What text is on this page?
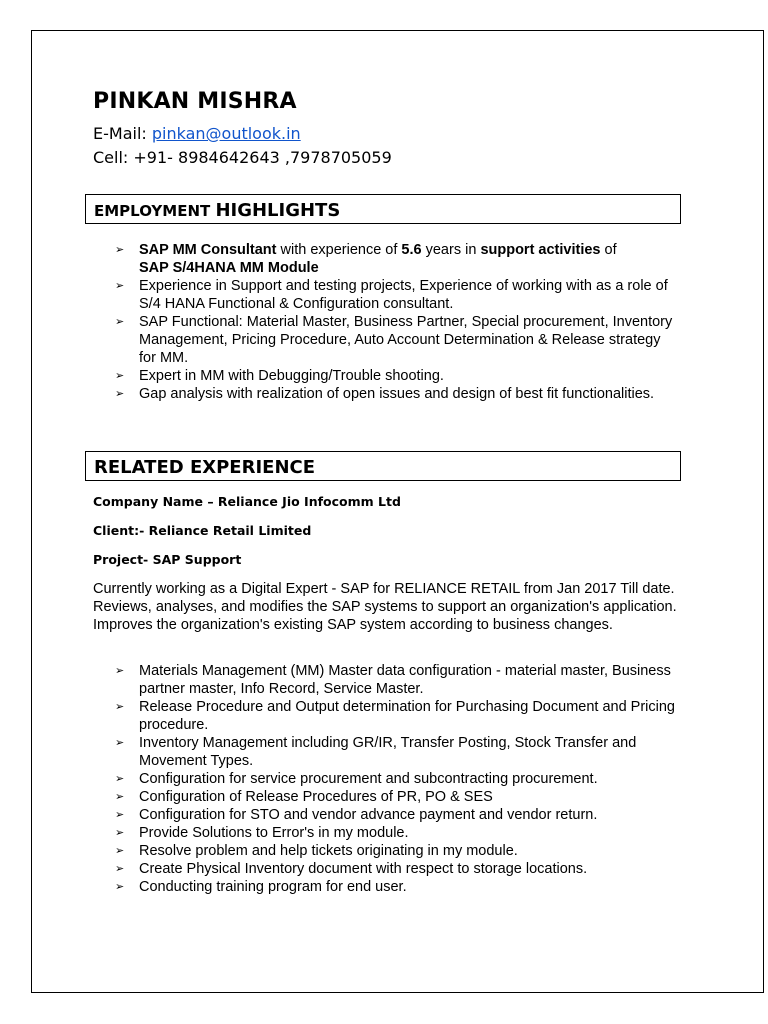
PINKAN MISHRA
E-Mail: pinkan@outlook.in
Cell: +91- 8984642643 ,7978705059
EMPLOYMENT HIGHLIGHTS
➢ SAP MM Consultant with experience of 5.6 years in support activities of
SAP S/4HANA MM Module
➢ Experience in Support and testing projects, Experience of working with as a role of S/4 HANA Functional & Configuration consultant.
➢ SAP Functional: Material Master, Business Partner, Special procurement, Inventory Management, Pricing Procedure, Auto Account Determination & Release strategy for MM.
➢ Expert in MM with Debugging/Trouble shooting.
➢ Gap analysis with realization of open issues and design of best fit functionalities.
RELATED EXPERIENCE
Company Name – Reliance Jio Infocomm Ltd
Client:- Reliance Retail Limited
Project- SAP Support
Currently working as a Digital Expert - SAP for RELIANCE RETAIL from Jan 2017 Till date. Reviews, analyses, and modifies the SAP systems to support an organization's application. Improves the organization's existing SAP system according to business changes.
➢ Materials Management (MM) Master data configuration - material master, Business partner master, Info Record, Service Master.
➢ Release Procedure and Output determination for Purchasing Document and Pricing procedure.
➢ Inventory Management including GR/IR, Transfer Posting, Stock Transfer and Movement Types.
➢ Configuration for service procurement and subcontracting procurement.
➢ Configuration of Release Procedures of PR, PO & SES
➢ Configuration for STO and vendor advance payment and vendor return.
➢ Provide Solutions to Error's in my module.
➢ Resolve problem and help tickets originating in my module.
➢ Create Physical Inventory document with respect to storage locations.
➢ Conducting training program for end user.
